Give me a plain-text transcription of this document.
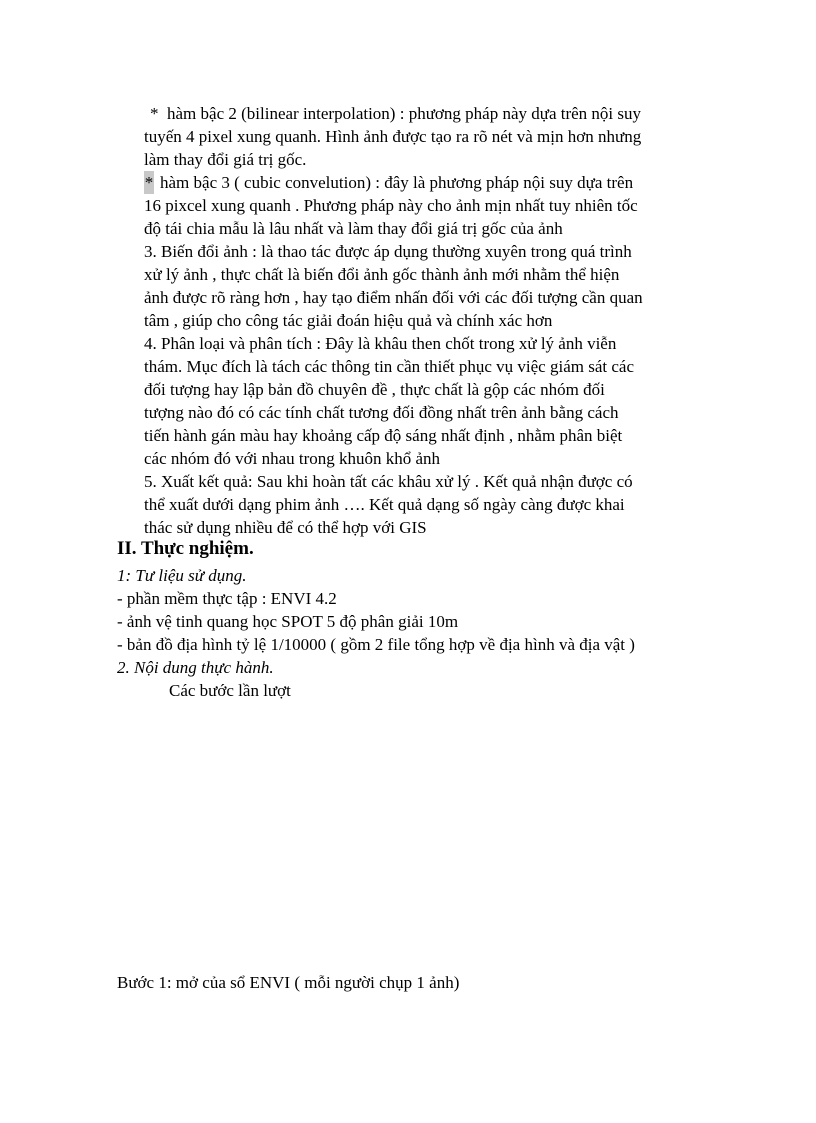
* hàm bậc 2 (bilinear interpolation) : phương pháp này dựa trên nội suy

tuyến 4 pixel xung quanh. Hình ảnh được tạo ra rõ nét và mịn hơn nhưng

làm thay đổi giá trị gốc.

* hàm bậc 3 ( cubic convelution) : đây là phương pháp nội suy dựa trên

16 pixcel xung quanh . Phương pháp này cho ảnh mịn nhất tuy nhiên tốc

độ tái chia mẫu là lâu nhất và làm thay đổi giá trị gốc của ảnh

3. Biến đổi ảnh : là thao tác được áp dụng thường xuyên trong quá trình

xử lý ảnh , thực chất là biến đổi ảnh gốc thành ảnh mới nhằm thể hiện

ảnh được rõ ràng hơn , hay tạo điểm nhấn đối với các đối tượng cần quan

tâm , giúp cho công tác giải đoán hiệu quả và chính xác hơn

4. Phân loại và phân tích : Đây là khâu then chốt trong xử lý ảnh viễn

thám. Mục đích là tách các thông tin cần thiết phục vụ việc giám sát các

đối tượng hay lập bản đồ chuyên đề , thực chất là gộp các nhóm đối

tượng nào đó có các tính chất tương đối đồng nhất trên ảnh bằng cách

tiến hành gán màu hay khoảng cấp độ sáng nhất định , nhằm phân biệt

các nhóm đó với nhau trong khuôn khổ ảnh

5. Xuất kết quả: Sau khi hoàn tất các khâu xử lý . Kết quả nhận được có

thể xuất dưới dạng phim ảnh …. Kết quả dạng số ngày càng được khai

thác sử dụng nhiều để có thể hợp với GIS

II. Thực nghiệm.

1: Tư liệu sử dụng.

- phần mềm thực tập : ENVI 4.2

- ảnh vệ tinh quang học SPOT 5 độ phân giải 10m

- bản đồ địa hình tỷ lệ 1/10000 ( gồm 2 file tổng hợp về địa hình và địa vật )

2. Nội dung thực hành.

Các bước lần lượt

Bước 1: mở của sổ ENVI ( mỗi người chụp 1 ảnh)
